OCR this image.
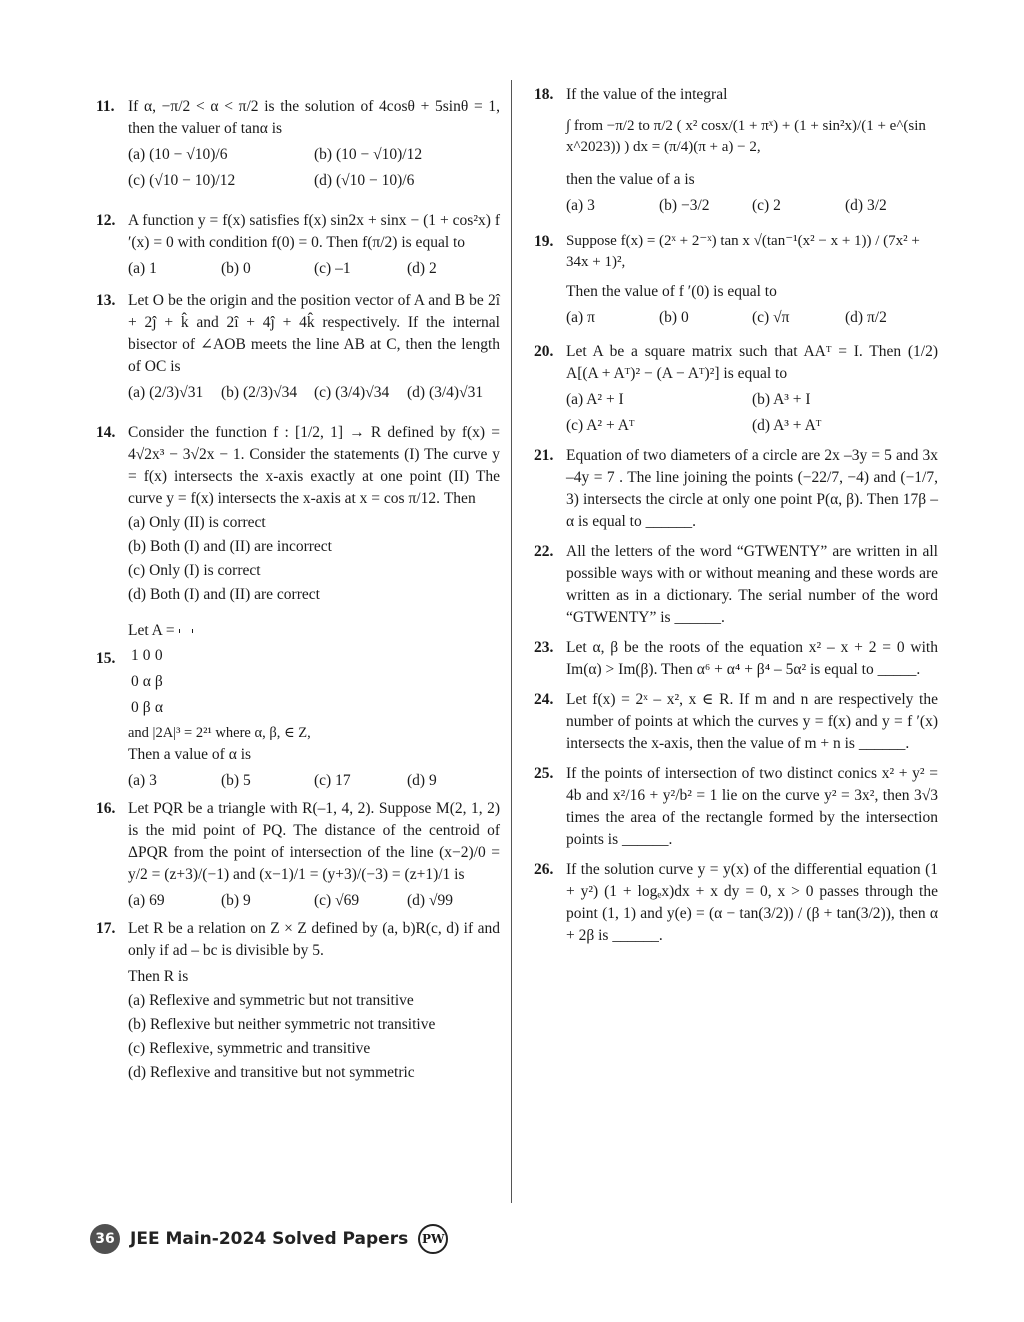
11. If α, −π/2 < α < π/2 is the solution of 4cosθ + 5sinθ = 1, then the valuer of tanα is

(a) (10 − √10)/6	(b) (10 − √10)/12
(c) (√10 − 10)/12	(d) (√10 − 10)/6
12. A function y = f(x) satisfies f(x) sin2x + sinx − (1 + cos²x) f ′(x) = 0 with condition f(0) = 0. Then f(π/2) is equal to

(a) 1	(b) 0	(c) –1	(d) 2
13. Let O be the origin and the position vector of A and B be 2î + 2ĵ + k̂ and 2î + 4ĵ + 4k̂ respectively. If the internal bisector of ∠AOB meets the line AB at C, then the length of OC is

(a) (2/3)√31	(b) (2/3)√34	(c) (3/4)√34	(d) (3/4)√31
14. Consider the function f : [1/2, 1] → R defined by f(x) = 4√2x³ − 3√2x − 1. Consider the statements (I) The curve y = f(x) intersects the x-axis exactly at one point (II) The curve y = f(x) intersects the x-axis at x = cos π/12. Then

(a) Only (II) is correct
(b) Both (I) and (II) are incorrect
(c) Only (I) is correct
(d) Both (I) and (II) are correct
15.

Let A =

1	0	0
0	α	β
0	β	α
and |2A|³ = 2²¹ where α, β, ∈ Z,

Then a value of α is

(a) 3	(b) 5	(c) 17	(d) 9
16. Let PQR be a triangle with R(–1, 4, 2). Suppose M(2, 1, 2) is the mid point of PQ. The distance of the centroid of ΔPQR from the point of intersection of the line (x−2)/0 = y/2 = (z+3)/(−1) and (x−1)/1 = (y+3)/(−3) = (z+1)/1 is

(a) 69	(b) 9	(c) √69	(d) √99
17. Let R be a relation on Z × Z defined by (a, b)R(c, d) if and only if ad – bc is divisible by 5.

Then R is

(a) Reflexive and symmetric but not transitive
(b) Reflexive but neither symmetric not transitive
(c) Reflexive, symmetric and transitive
(d) Reflexive and transitive but not symmetric
18. If the value of the integral

∫ from −π/2 to π/2 ( x² cosx/(1 + πˣ) + (1 + sin²x)/(1 + e^(sin x^2023)) ) dx = (π/4)(π + a) − 2,

then the value of a is

(a) 3	(b) −3/2	(c) 2	(d) 3/2
19. Suppose f(x) = (2ˣ + 2⁻ˣ) tan x √(tan⁻¹(x² − x + 1)) / (7x² + 34x + 1)²,

Then the value of f ′(0) is equal to

(a) π	(b) 0	(c) √π	(d) π/2
20. Let A be a square matrix such that AAᵀ = I. Then (1/2) A[(A + Aᵀ)² − (A − Aᵀ)²] is equal to

(a) A² + I	(b) A³ + I
(c) A² + Aᵀ	(d) A³ + Aᵀ
21. Equation of two diameters of a circle are 2x –3y = 5 and 3x –4y = 7 . The line joining the points (−22/7, −4) and (−1/7, 3) intersects the circle at only one point P(α, β). Then 17β – α is equal to ______.

22. All the letters of the word “GTWENTY” are written in all possible ways with or without meaning and these words are written as in a dictionary. The serial number of the word “GTWENTY” is ______.

23. Let α, β be the roots of the equation x² – x + 2 = 0 with Im(α) > Im(β). Then α⁶ + α⁴ + β⁴ – 5α² is equal to _____.

24. Let f(x) = 2ˣ – x², x ∈ R. If m and n are respectively the number of points at which the curves y = f(x) and y = f ′(x) intersects the x-axis, then the value of m + n is ______.

25. If the points of intersection of two distinct conics x² + y² = 4b and x²/16 + y²/b² = 1 lie on the curve y² = 3x², then 3√3 times the area of the rectangle formed by the intersection points is ______.

26. If the solution curve y = y(x) of the differential equation (1 + y²) (1 + logₑx)dx + x dy = 0, x > 0 passes through the point (1, 1) and y(e) = (α − tan(3/2)) / (β + tan(3/2)), then α + 2β is ______.

36 JEE Main-2024 Solved Papers	PW
